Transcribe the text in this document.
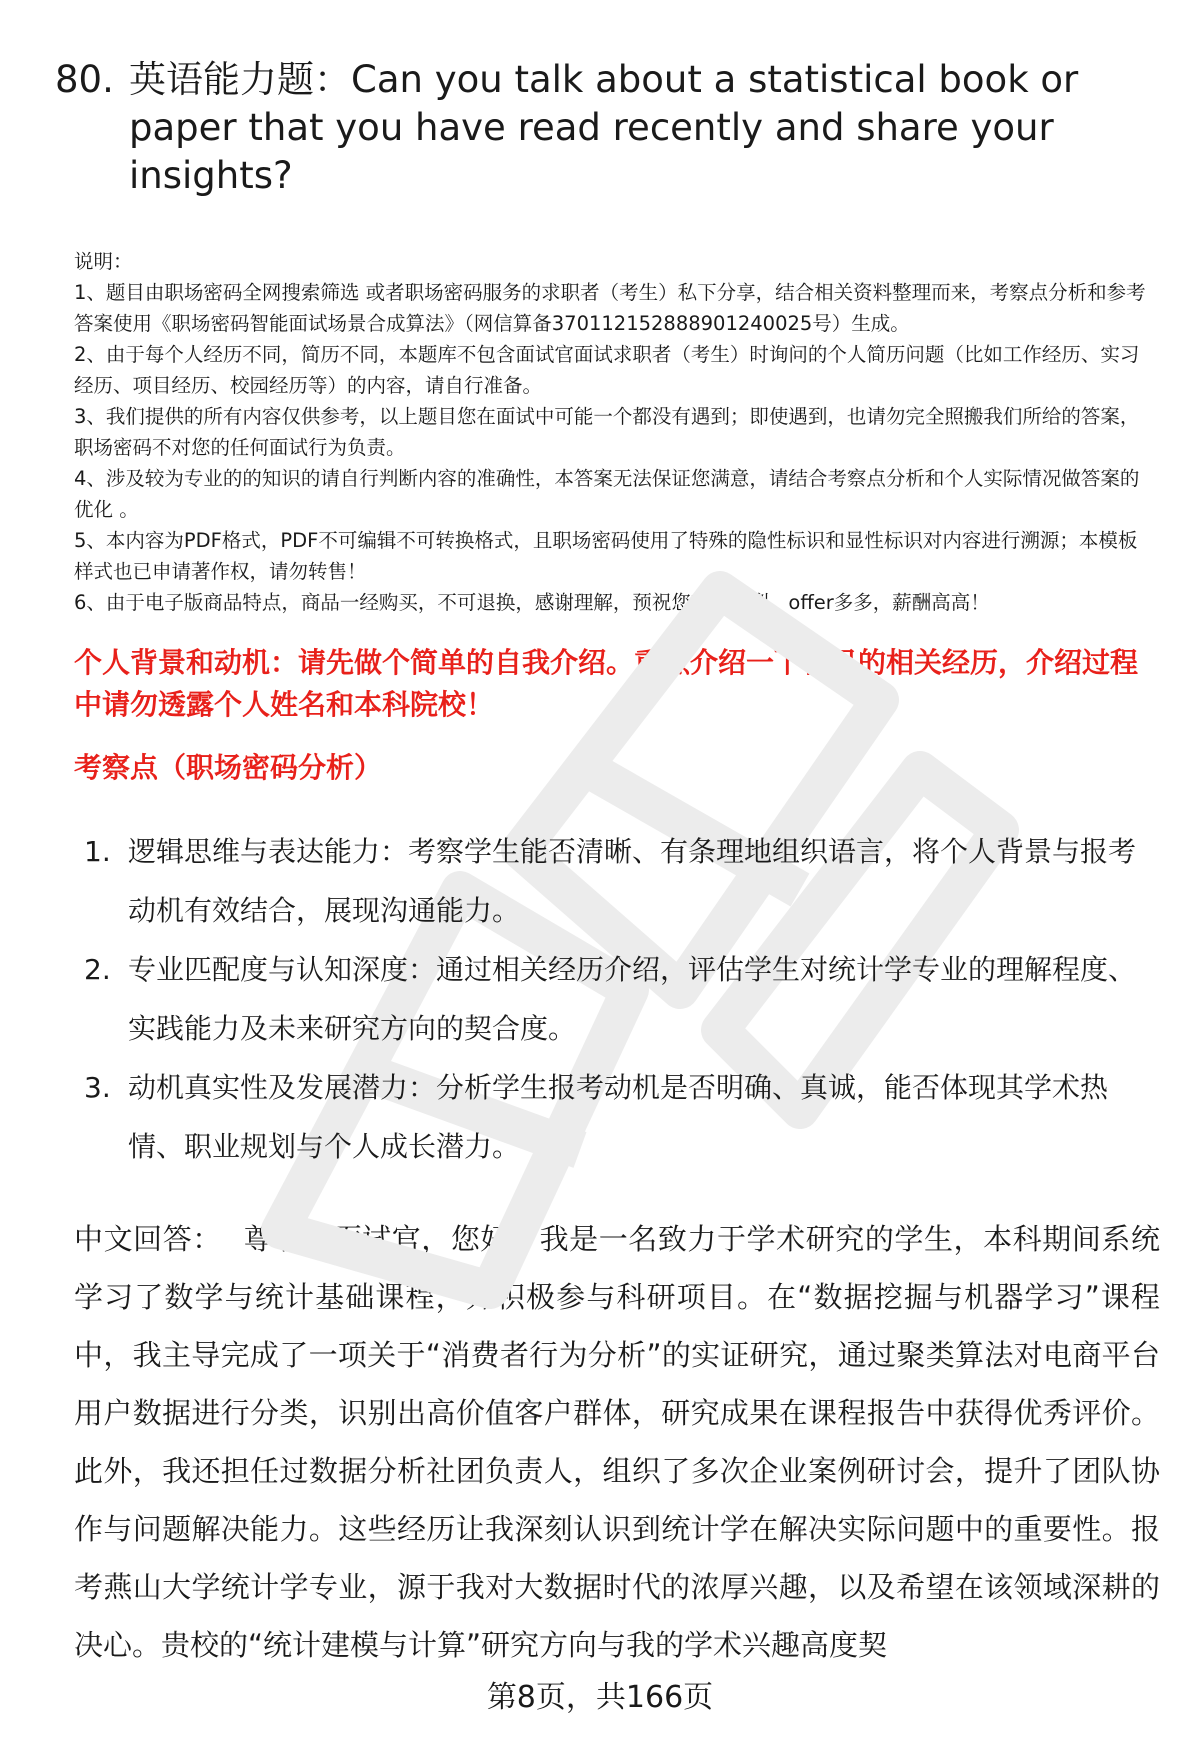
80. 英语能力题：Can you talk about a statistical book or paper that you have read recently and share your insights?
说明：
1、题目由职场密码全网搜索筛选 或者职场密码服务的求职者（考生）私下分享，结合相关资料整理而来，考察点分析和参考答案使用《职场密码智能面试场景合成算法》（网信算备370112152888901240025号）生成。
2、由于每个人经历不同，简历不同，本题库不包含面试官面试求职者（考生）时询问的个人简历问题（比如工作经历、实习经历、项目经历、校园经历等）的内容，请自行准备。
3、我们提供的所有内容仅供参考，以上题目您在面试中可能一个都没有遇到；即使遇到，也请勿完全照搬我们所给的答案，职场密码不对您的任何面试行为负责。
4、涉及较为专业的的知识的请自行判断内容的准确性，本答案无法保证您满意，请结合考察点分析和个人实际情况做答案的优化 。
5、本内容为PDF格式，PDF不可编辑不可转换格式，且职场密码使用了特殊的隐性标识和显性标识对内容进行溯源；本模板样式也已申请著作权，请勿转售！
6、由于电子版商品特点，商品一经购买，不可退换，感谢理解，预祝您万事顺利，offer多多，薪酬高高！
个人背景和动机：请先做个简单的自我介绍。重点介绍一下自己的相关经历，介绍过程中请勿透露个人姓名和本科院校！
考察点（职场密码分析）
1. 逻辑思维与表达能力：考察学生能否清晰、有条理地组织语言，将个人背景与报考动机有效结合，展现沟通能力。
2. 专业匹配度与认知深度：通过相关经历介绍，评估学生对统计学专业的理解程度、实践能力及未来研究方向的契合度。
3. 动机真实性及发展潜力：分析学生报考动机是否明确、真诚，能否体现其学术热情、职业规划与个人成长潜力。
中文回答： 尊敬的面试官，您好。我是一名致力于学术研究的学生，本科期间系统学习了数学与统计基础课程，并积极参与科研项目。在“数据挖掘与机器学习”课程中，我主导完成了一项关于“消费者行为分析”的实证研究，通过聚类算法对电商平台用户数据进行分类，识别出高价值客户群体，研究成果在课程报告中获得优秀评价。此外，我还担任过数据分析社团负责人，组织了多次企业案例研讨会，提升了团队协作与问题解决能力。这些经历让我深刻认识到统计学在解决实际问题中的重要性。报考燕山大学统计学专业，源于我对大数据时代的浓厚兴趣，以及希望在该领域深耕的决心。贵校的“统计建模与计算”研究方向与我的学术兴趣高度契
第8页，共166页
